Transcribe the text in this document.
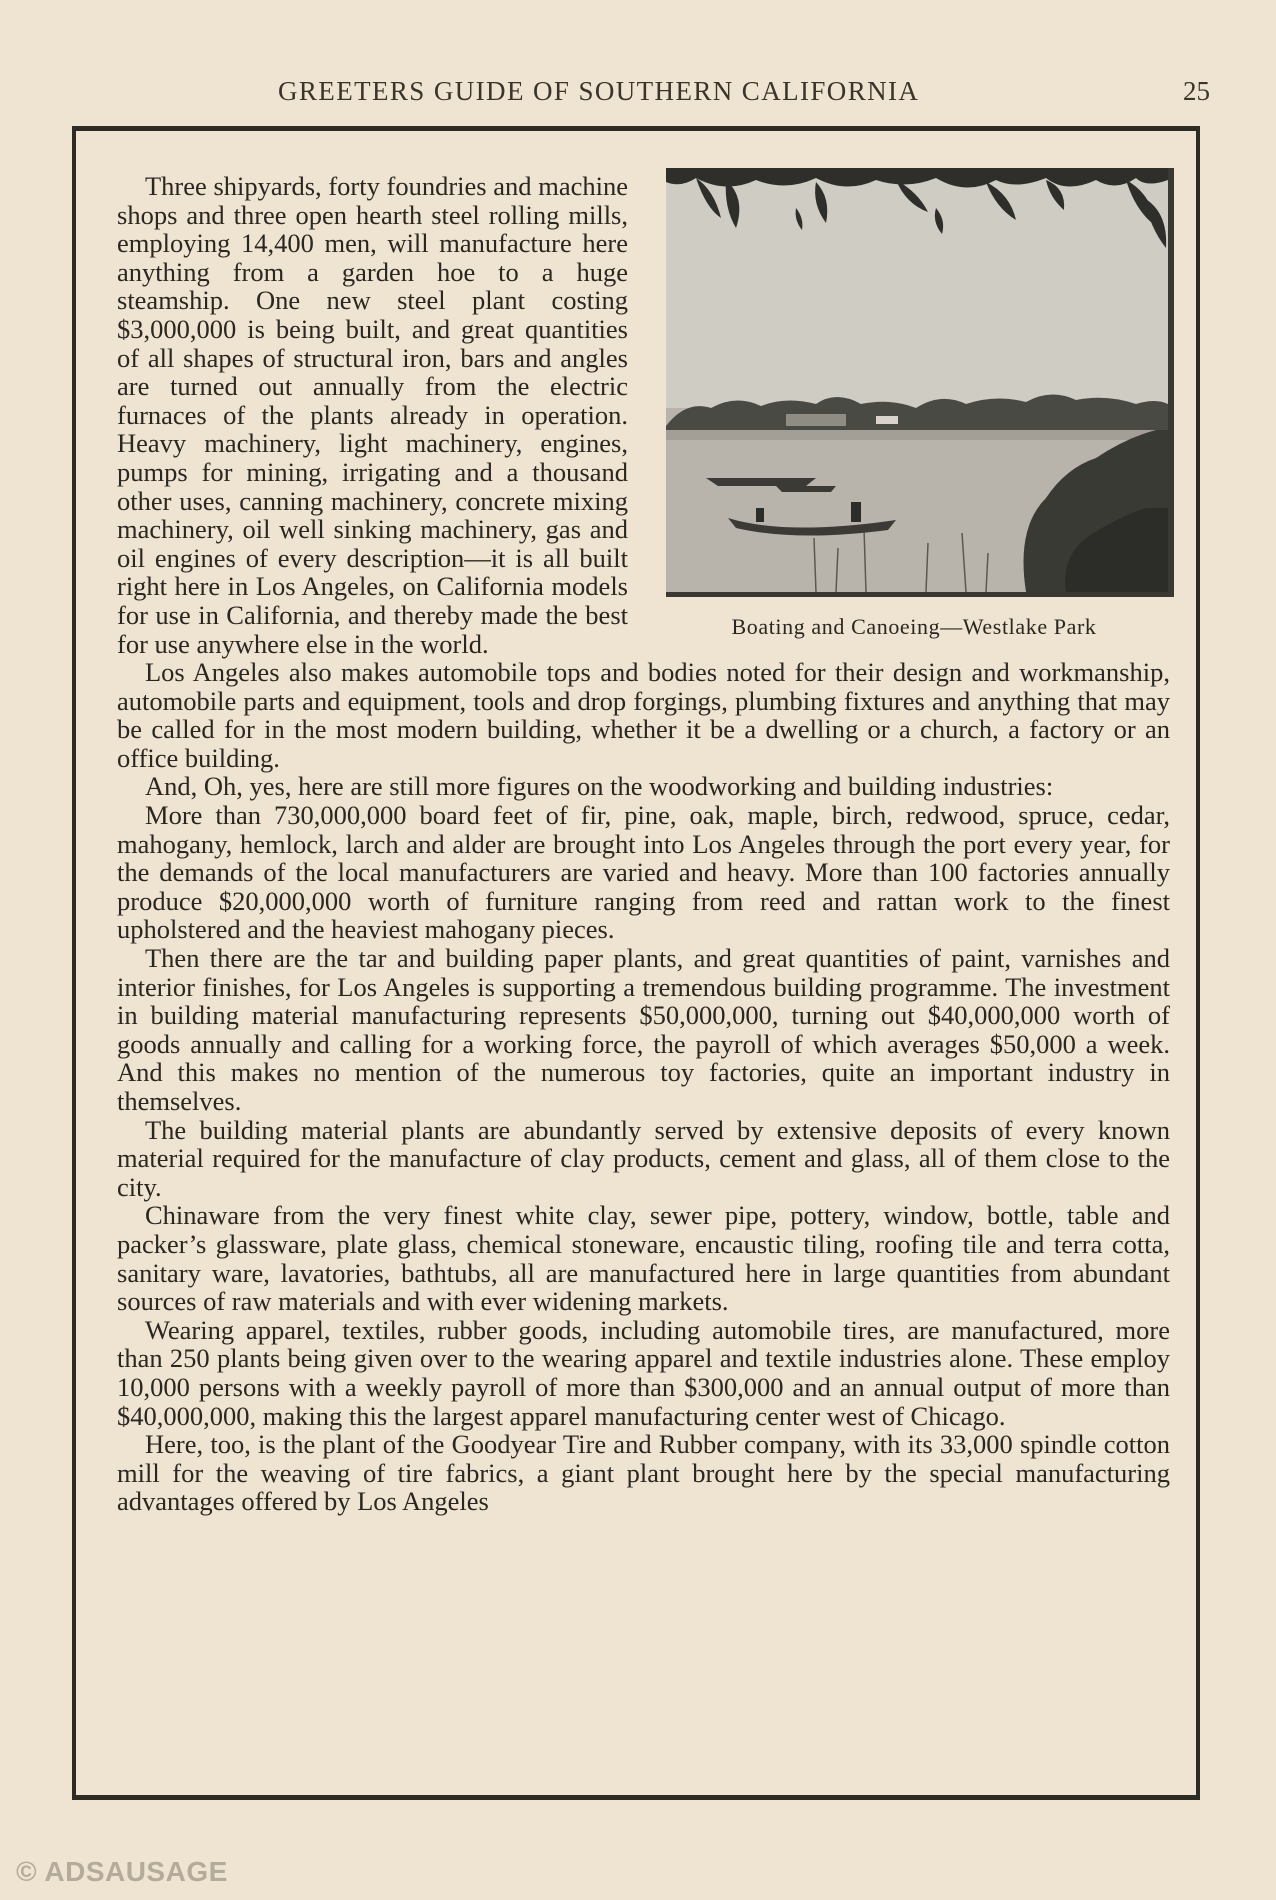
GREETERS GUIDE OF SOUTHERN CALIFORNIA	25
Boating and Canoeing—Westlake Park

Three shipyards, forty foundries and machine shops and three open hearth steel rolling mills, employing 14,400 men, will manufacture here anything from a garden hoe to a huge steamship. One new steel plant costing $3,000,000 is being built, and great quantities of all shapes of structural iron, bars and angles are turned out annually from the electric furnaces of the plants already in operation. Heavy machinery, light machinery, engines, pumps for mining, irrigating and a thousand other uses, canning machinery, concrete mixing machinery, oil well sinking machinery, gas and oil engines of every description—it is all built right here in Los Angeles, on California models for use in California, and thereby made the best for use anywhere else in the world.

Los Angeles also makes automobile tops and bodies noted for their design and workmanship, automobile parts and equipment, tools and drop forgings, plumbing fixtures and anything that may be called for in the most modern building, whether it be a dwelling or a church, a factory or an office building.

And, Oh, yes, here are still more figures on the woodworking and building industries:

More than 730,000,000 board feet of fir, pine, oak, maple, birch, redwood, spruce, cedar, mahogany, hemlock, larch and alder are brought into Los Angeles through the port every year, for the demands of the local manufacturers are varied and heavy. More than 100 factories annually produce $20,000,000 worth of furniture ranging from reed and rattan work to the finest upholstered and the heaviest mahogany pieces.

Then there are the tar and building paper plants, and great quantities of paint, varnishes and interior finishes, for Los Angeles is supporting a tremendous building programme. The investment in building material manufacturing represents $50,000,000, turning out $40,000,000 worth of goods annually and calling for a working force, the payroll of which averages $50,000 a week. And this makes no mention of the numerous toy factories, quite an important industry in themselves.

The building material plants are abundantly served by extensive deposits of every known material required for the manufacture of clay products, cement and glass, all of them close to the city.

Chinaware from the very finest white clay, sewer pipe, pottery, window, bottle, table and packer’s glassware, plate glass, chemical stoneware, encaustic tiling, roofing tile and terra cotta, sanitary ware, lavatories, bathtubs, all are manufactured here in large quantities from abundant sources of raw materials and with ever widening markets.

Wearing apparel, textiles, rubber goods, including automobile tires, are manufactured, more than 250 plants being given over to the wearing apparel and textile industries alone. These employ 10,000 persons with a weekly payroll of more than $300,000 and an annual output of more than $40,000,000, making this the largest apparel manufacturing center west of Chicago.

Here, too, is the plant of the Goodyear Tire and Rubber company, with its 33,000 spindle cotton mill for the weaving of tire fabrics, a giant plant brought here by the special manufacturing advantages offered by Los Angeles

© ADSAUSAGE
